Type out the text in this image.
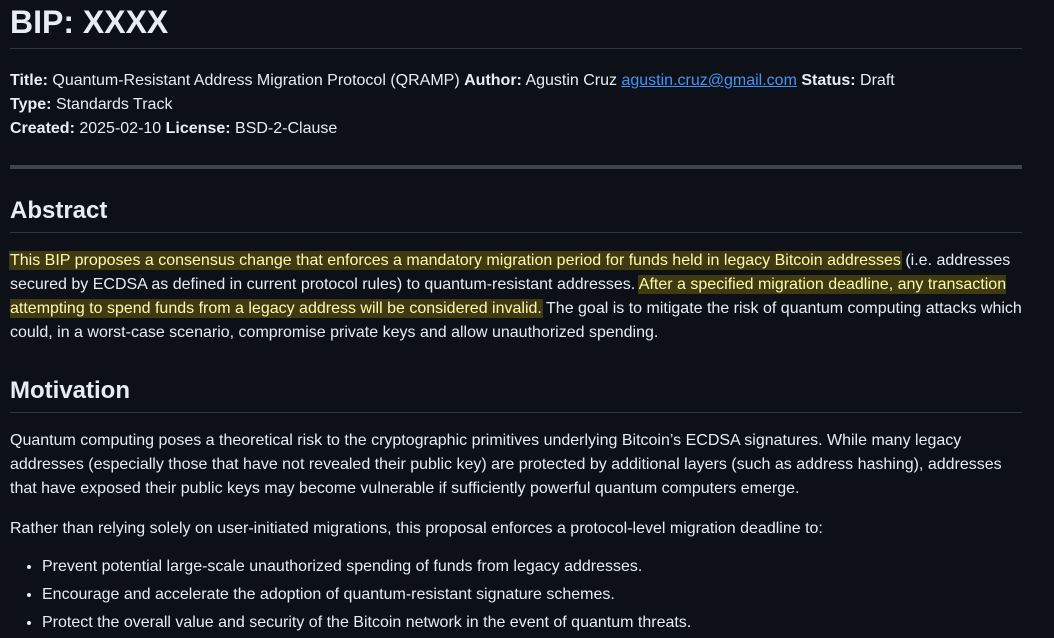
BIP: XXXX
Title: Quantum-Resistant Address Migration Protocol (QRAMP) Author: Agustin Cruz agustin.cruz@gmail.com Status: Draft
Type: Standards Track
Created: 2025-02-10 License: BSD-2-Clause
Abstract

This BIP proposes a consensus change that enforces a mandatory migration period for funds held in legacy Bitcoin addresses (i.e. addresses secured by ECDSA as defined in current protocol rules) to quantum-resistant addresses. After a specified migration deadline, any transaction attempting to spend funds from a legacy address will be considered invalid. The goal is to mitigate the risk of quantum computing attacks which could, in a worst-case scenario, compromise private keys and allow unauthorized spending.

Motivation

Quantum computing poses a theoretical risk to the cryptographic primitives underlying Bitcoin’s ECDSA signatures. While many legacy addresses (especially those that have not revealed their public key) are protected by additional layers (such as address hashing), addresses that have exposed their public keys may become vulnerable if sufficiently powerful quantum computers emerge.

Rather than relying solely on user-initiated migrations, this proposal enforces a protocol-level migration deadline to:

• Prevent potential large-scale unauthorized spending of funds from legacy addresses.
• Encourage and accelerate the adoption of quantum-resistant signature schemes.
• Protect the overall value and security of the Bitcoin network in the event of quantum threats.
